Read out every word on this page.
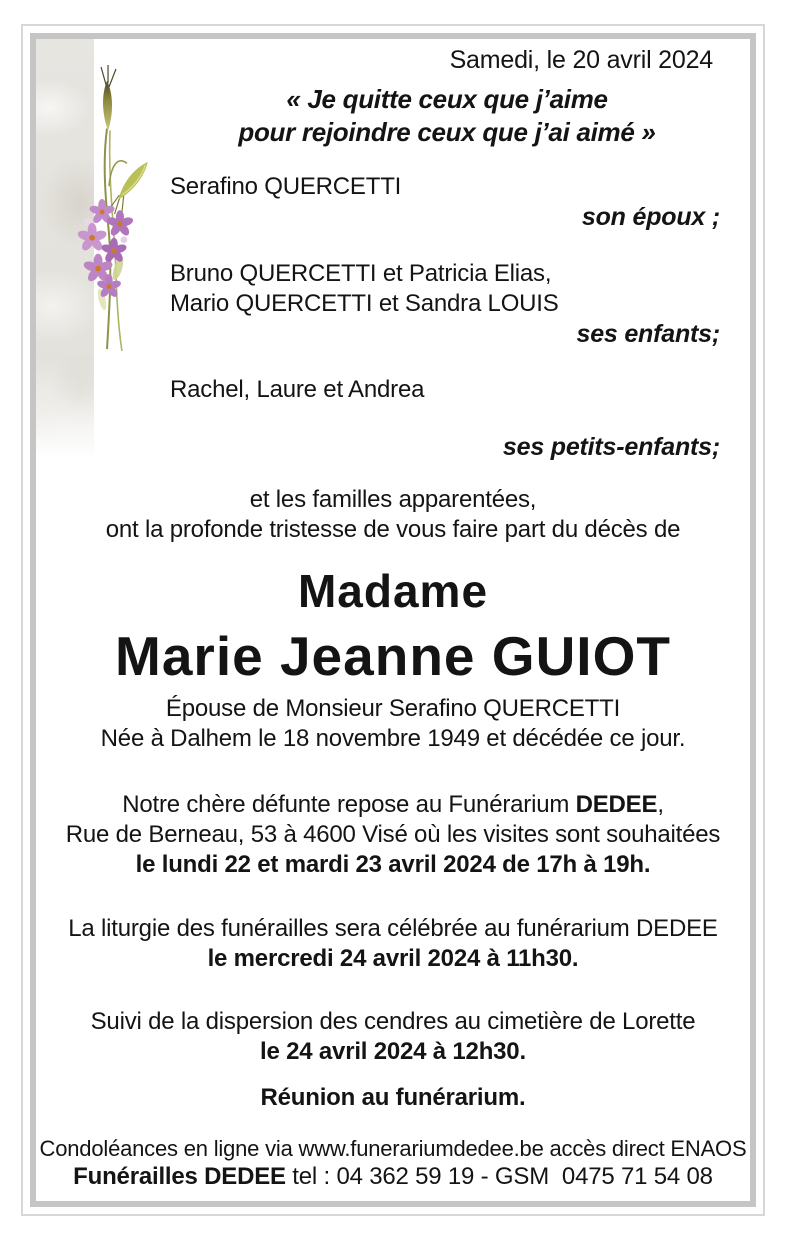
Samedi, le 20 avril 2024
« Je quitte ceux que j’aime
pour rejoindre ceux que j’ai aimé »
Serafino QUERCETTI
son époux ;
Bruno QUERCETTI et Patricia Elias,
Mario QUERCETTI et Sandra LOUIS
ses enfants;
Rachel, Laure et Andrea
ses petits-enfants;
et les familles apparentées,
ont la profonde tristesse de vous faire part du décès de
Madame
Marie Jeanne GUIOT
Épouse de Monsieur Serafino QUERCETTI
Née à Dalhem le 18 novembre 1949 et décédée ce jour.
Notre chère défunte repose au Funérarium DEDEE,
Rue de Berneau, 53 à 4600 Visé où les visites sont souhaitées
le lundi 22 et mardi 23 avril 2024 de 17h à 19h.
La liturgie des funérailles sera célébrée au funérarium DEDEE
le mercredi 24 avril 2024 à 11h30.
Suivi de la dispersion des cendres au cimetière de Lorette
le 24 avril 2024 à 12h30.
Réunion au funérarium.
Condoléances en ligne via www.funerariumdedee.be accès direct ENAOS
Funérailles DEDEE tel : 04 362 59 19 - GSM  0475 71 54 08
